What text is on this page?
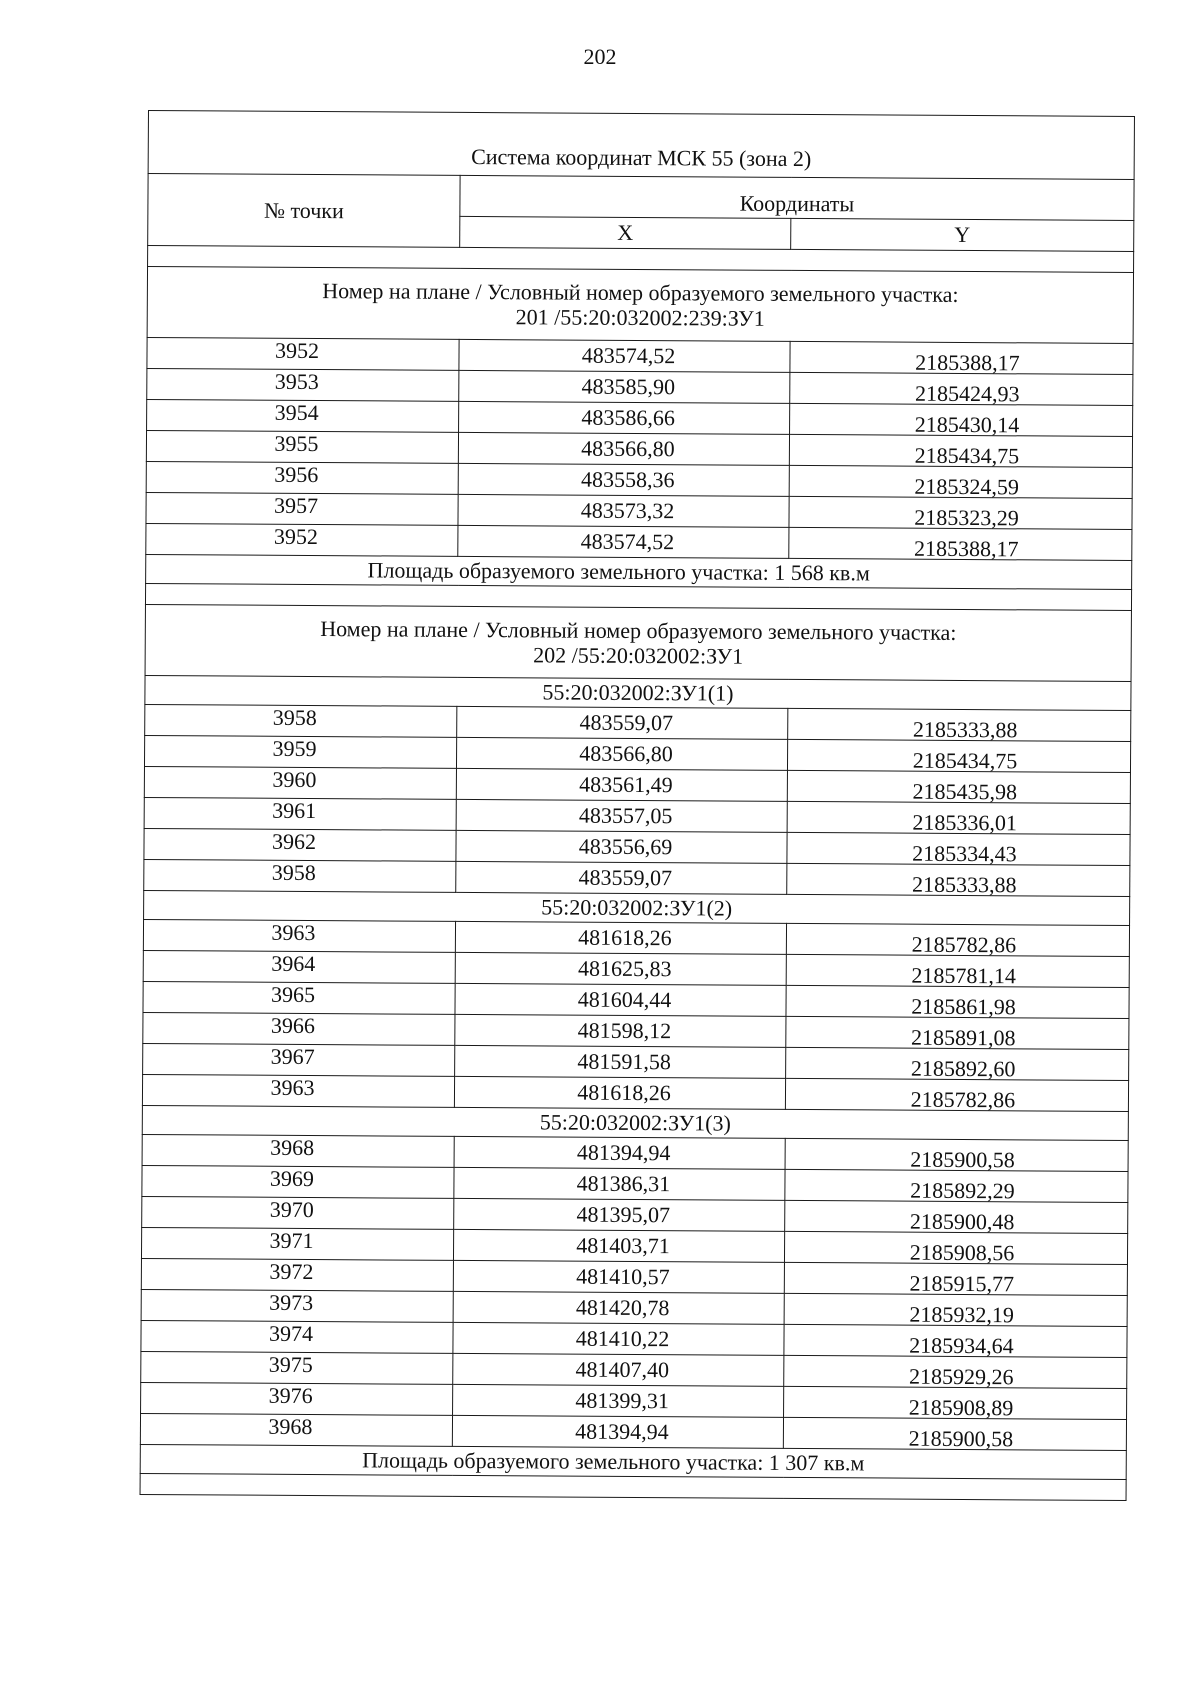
202
Система координат МСК 55 (зона 2)		
№ точки	Координаты	
	X	Y

Номер на плане / Условный номер образуемого земельного участка:
201 /55:20:032002:239:ЗУ1		

3952	483574,52	2185388,17
3953	483585,90	2185424,93
3954	483586,66	2185430,14
3955	483566,80	2185434,75
3956	483558,36	2185324,59
3957	483573,32	2185323,29
3952	483574,52	2185388,17
Площадь образуемого земельного участка: 1 568 кв.м		

Номер на плане / Условный номер образуемого земельного участка:
202 /55:20:032002:ЗУ1		

55:20:032002:ЗУ1(1)		
3958	483559,07	2185333,88
3959	483566,80	2185434,75
3960	483561,49	2185435,98
3961	483557,05	2185336,01
3962	483556,69	2185334,43
3958	483559,07	2185333,88
55:20:032002:ЗУ1(2)		
3963	481618,26	2185782,86
3964	481625,83	2185781,14
3965	481604,44	2185861,98
3966	481598,12	2185891,08
3967	481591,58	2185892,60
3963	481618,26	2185782,86
55:20:032002:ЗУ1(3)		
3968	481394,94	2185900,58
3969	481386,31	2185892,29
3970	481395,07	2185900,48
3971	481403,71	2185908,56
3972	481410,57	2185915,77
3973	481420,78	2185932,19
3974	481410,22	2185934,64
3975	481407,40	2185929,26
3976	481399,31	2185908,89
3968	481394,94	2185900,58
Площадь образуемого земельного участка: 1 307 кв.м		
